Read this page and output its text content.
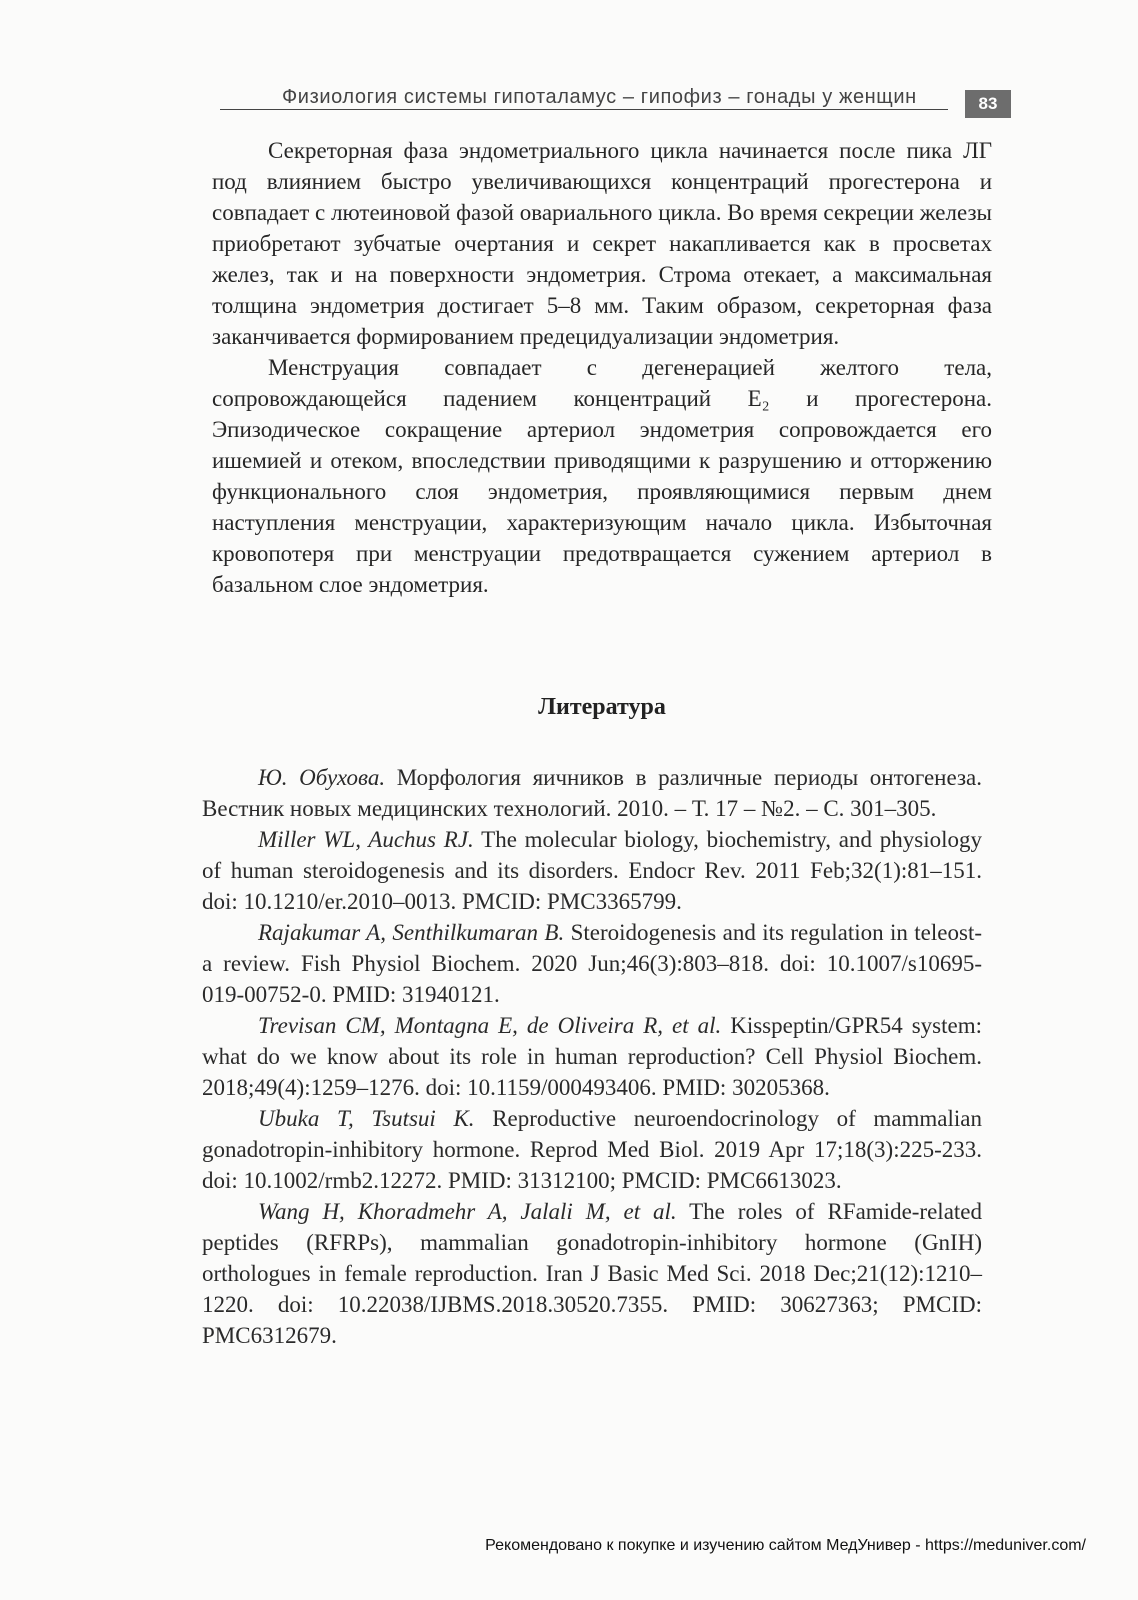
Физиология системы гипоталамус – гипофиз – гонады у женщин	83

Секреторная фаза эндометриального цикла начинается после пика ЛГ под влиянием быстро увеличивающихся концентраций прогестерона и совпадает с лютеиновой фазой овариального цикла. Во время секреции железы приобретают зубчатые очертания и секрет накапливается как в просветах желез, так и на поверхности эндометрия. Строма отекает, а максимальная толщина эндометрия достигает 5–8 мм. Таким образом, секреторная фаза заканчивается формированием предецидуализации эндометрия.

Менструация совпадает с дегенерацией желтого тела, сопровождающейся падением концентраций E₂ и прогестерона. Эпизодическое сокращение артериол эндометрия сопровождается его ишемией и отеком, впоследствии приводящими к разрушению и отторжению функционального слоя эндометрия, проявляющимися первым днем наступления менструации, характеризующим начало цикла. Избыточная кровопотеря при менструации предотвращается сужением артериол в базальном слое эндометрия.

Литература

Ю. Обухова. Морфология яичников в различные периоды онтогенеза. Вестник новых медицинских технологий. 2010. – Т. 17 – №2. – С. 301–305.

Miller WL, Auchus RJ. The molecular biology, biochemistry, and physiology of human steroidogenesis and its disorders. Endocr Rev. 2011 Feb;32(1):81–151. doi: 10.1210/er.2010–0013. PMCID: PMC3365799.

Rajakumar A, Senthilkumaran B. Steroidogenesis and its regulation in teleost-a review. Fish Physiol Biochem. 2020 Jun;46(3):803–818. doi: 10.1007/s10695-019-00752-0. PMID: 31940121.

Trevisan CM, Montagna E, de Oliveira R, et al. Kisspeptin/GPR54 system: what do we know about its role in human reproduction? Cell Physiol Biochem. 2018;49(4):1259–1276. doi: 10.1159/000493406. PMID: 30205368.

Ubuka T, Tsutsui K. Reproductive neuroendocrinology of mammalian gonadotropin-inhibitory hormone. Reprod Med Biol. 2019 Apr 17;18(3):225-233. doi: 10.1002/rmb2.12272. PMID: 31312100; PMCID: PMC6613023.

Wang H, Khoradmehr A, Jalali M, et al. The roles of RFamide-related peptides (RFRPs), mammalian gonadotropin-inhibitory hormone (GnIH) orthologues in female reproduction. Iran J Basic Med Sci. 2018 Dec;21(12):1210–1220. doi: 10.22038/IJBMS.2018.30520.7355. PMID: 30627363; PMCID: PMC6312679.

Рекомендовано к покупке и изучению сайтом МедУнивер - https://meduniver.com/
